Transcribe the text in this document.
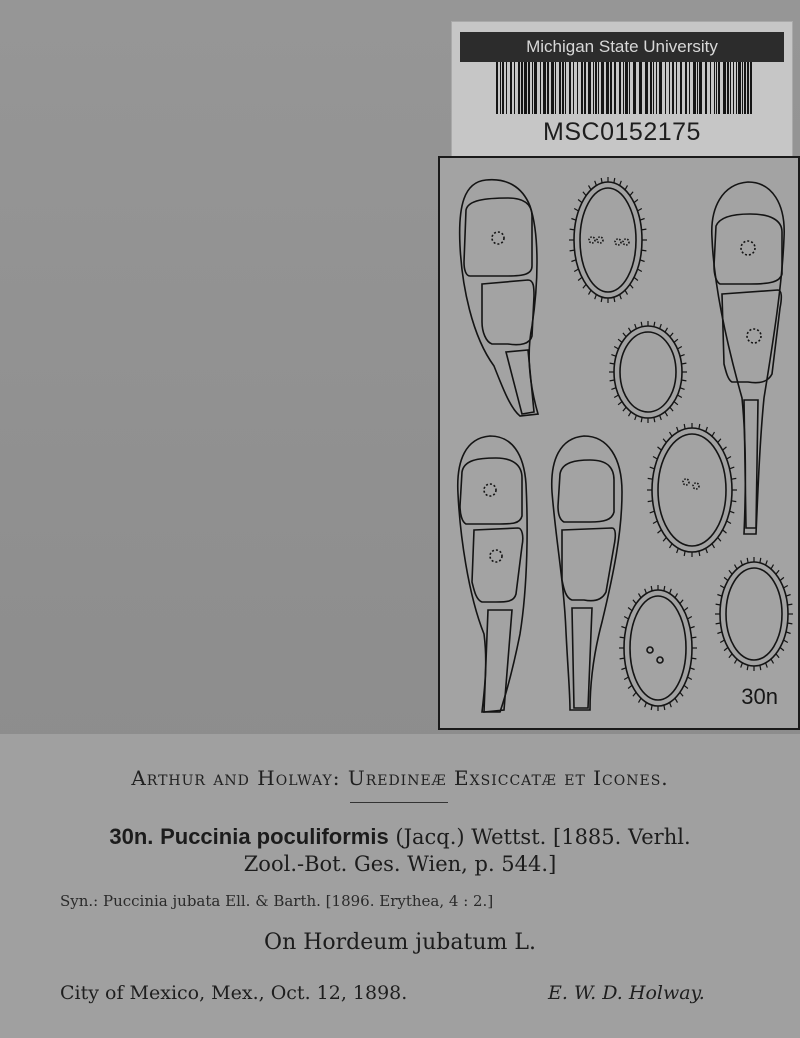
Michigan State University
MSC0152175
30n
Arthur and Holway: Uredineæ Exsiccatæ et Icones.
30n. Puccinia poculiformis (Jacq.) Wettst. [1885. Verhl.
Zool.-Bot. Ges. Wien, p. 544.]
Syn.: Puccinia jubata Ell. & Barth. [1896. Erythea, 4 : 2.]
On Hordeum jubatum L.
City of Mexico, Mex., Oct. 12, 1898.	E. W. D. Holway.
